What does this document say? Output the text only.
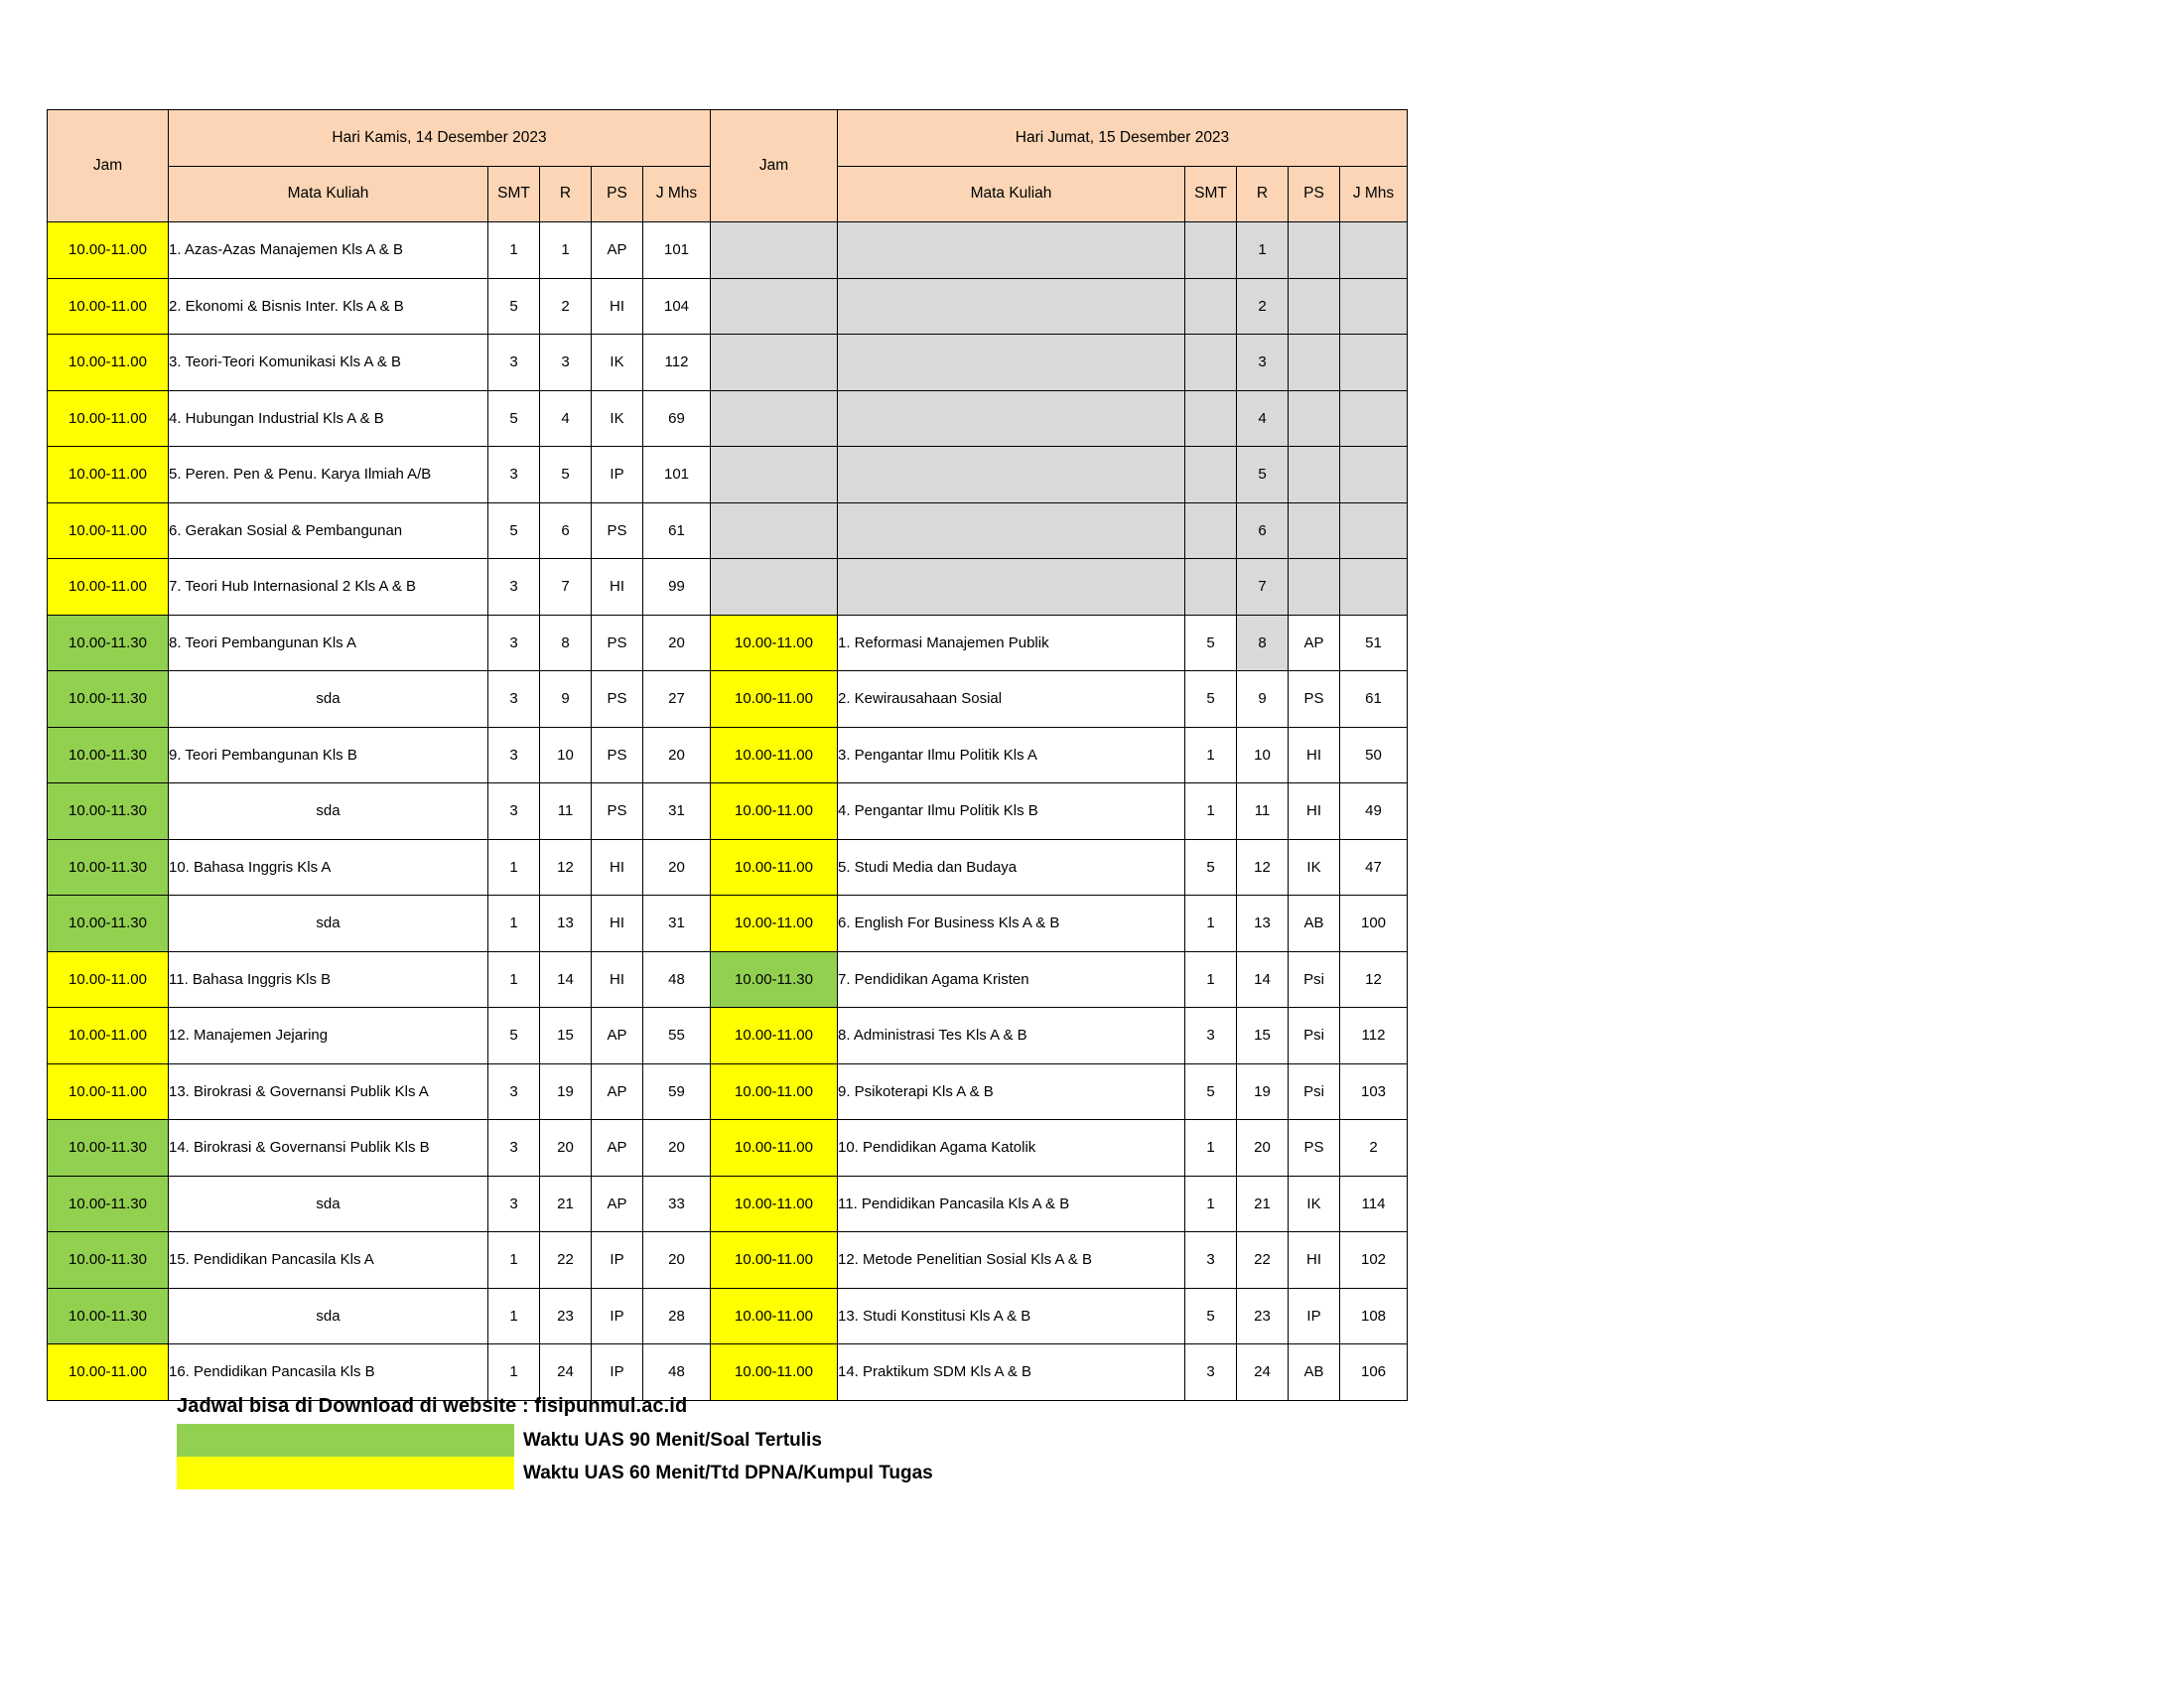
Jam	Hari Kamis, 14 Desember 2023					Jam	Hari Jumat, 15 Desember 2023				
	Mata Kuliah	SMT	R	PS	J Mhs		Mata Kuliah	SMT	R	PS	J Mhs
10.00-11.00	1. Azas-Azas Manajemen Kls A & B	1	1	AP	101				1		
10.00-11.00	2. Ekonomi & Bisnis Inter. Kls A & B	5	2	HI	104				2		
10.00-11.00	3. Teori-Teori Komunikasi Kls A & B	3	3	IK	112				3		
10.00-11.00	4. Hubungan Industrial Kls A & B	5	4	IK	69				4		
10.00-11.00	5. Peren. Pen & Penu. Karya Ilmiah A/B	3	5	IP	101				5		
10.00-11.00	6. Gerakan Sosial & Pembangunan	5	6	PS	61				6		
10.00-11.00	7. Teori Hub Internasional 2 Kls A & B	3	7	HI	99				7		
10.00-11.30	8. Teori Pembangunan Kls A	3	8	PS	20	10.00-11.00	1. Reformasi Manajemen Publik	5	8	AP	51
10.00-11.30	sda	3	9	PS	27	10.00-11.00	2. Kewirausahaan Sosial	5	9	PS	61
10.00-11.30	9. Teori Pembangunan Kls B	3	10	PS	20	10.00-11.00	3. Pengantar Ilmu Politik Kls A	1	10	HI	50
10.00-11.30	sda	3	11	PS	31	10.00-11.00	4. Pengantar Ilmu Politik Kls B	1	11	HI	49
10.00-11.30	10. Bahasa Inggris Kls A	1	12	HI	20	10.00-11.00	5. Studi Media dan Budaya	5	12	IK	47
10.00-11.30	sda	1	13	HI	31	10.00-11.00	6. English For Business Kls A & B	1	13	AB	100
10.00-11.00	11. Bahasa Inggris Kls B	1	14	HI	48	10.00-11.30	7. Pendidikan Agama Kristen	1	14	Psi	12
10.00-11.00	12. Manajemen Jejaring	5	15	AP	55	10.00-11.00	8. Administrasi Tes Kls A & B	3	15	Psi	112
10.00-11.00	13. Birokrasi & Governansi Publik Kls A	3	19	AP	59	10.00-11.00	9. Psikoterapi Kls A & B	5	19	Psi	103
10.00-11.30	14. Birokrasi & Governansi Publik Kls B	3	20	AP	20	10.00-11.00	10. Pendidikan Agama Katolik	1	20	PS	2
10.00-11.30	sda	3	21	AP	33	10.00-11.00	11. Pendidikan Pancasila Kls A & B	1	21	IK	114
10.00-11.30	15. Pendidikan Pancasila Kls A	1	22	IP	20	10.00-11.00	12. Metode Penelitian Sosial Kls A & B	3	22	HI	102
10.00-11.30	sda	1	23	IP	28	10.00-11.00	13. Studi Konstitusi Kls A & B	5	23	IP	108
10.00-11.00	16. Pendidikan Pancasila Kls B	1	24	IP	48	10.00-11.00	14. Praktikum SDM Kls A & B	3	24	AB	106
Jadwal bisa di Download di website : fisipunmul.ac.id
Waktu UAS 90 Menit/Soal Tertulis
Waktu UAS 60 Menit/Ttd DPNA/Kumpul Tugas
